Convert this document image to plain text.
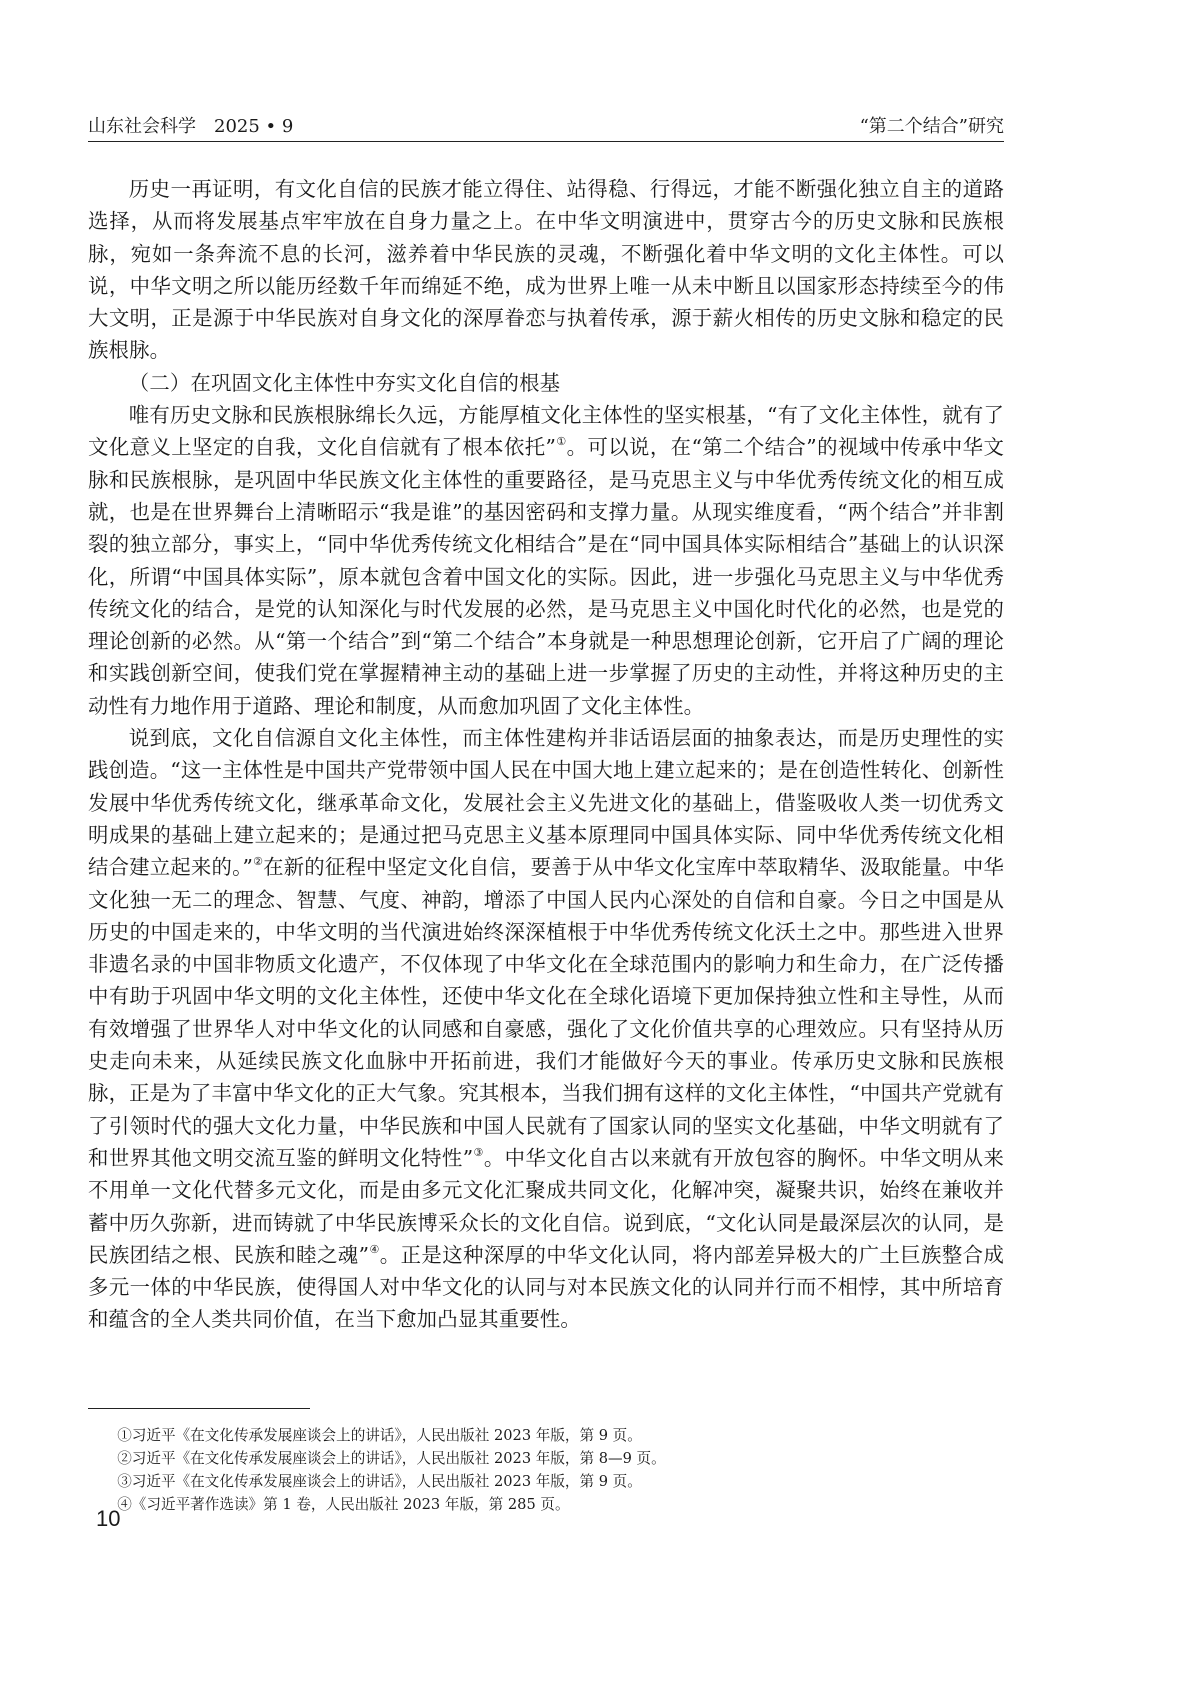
山东社会科学　2025 • 9	“第二个结合”研究

历史一再证明，有文化自信的民族才能立得住、站得稳、行得远，才能不断强化独立自主的道路选择，从而将发展基点牢牢放在自身力量之上。在中华文明演进中，贯穿古今的历史文脉和民族根脉，宛如一条奔流不息的长河，滋养着中华民族的灵魂，不断强化着中华文明的文化主体性。可以说，中华文明之所以能历经数千年而绵延不绝，成为世界上唯一从未中断且以国家形态持续至今的伟大文明，正是源于中华民族对自身文化的深厚眷恋与执着传承，源于薪火相传的历史文脉和稳定的民族根脉。

（二）在巩固文化主体性中夯实文化自信的根基

唯有历史文脉和民族根脉绵长久远，方能厚植文化主体性的坚实根基，“有了文化主体性，就有了文化意义上坚定的自我，文化自信就有了根本依托”①。可以说，在“第二个结合”的视域中传承中华文脉和民族根脉，是巩固中华民族文化主体性的重要路径，是马克思主义与中华优秀传统文化的相互成就，也是在世界舞台上清晰昭示“我是谁”的基因密码和支撑力量。从现实维度看，“两个结合”并非割裂的独立部分，事实上，“同中华优秀传统文化相结合”是在“同中国具体实际相结合”基础上的认识深化，所谓“中国具体实际”，原本就包含着中国文化的实际。因此，进一步强化马克思主义与中华优秀传统文化的结合，是党的认知深化与时代发展的必然，是马克思主义中国化时代化的必然，也是党的理论创新的必然。从“第一个结合”到“第二个结合”本身就是一种思想理论创新，它开启了广阔的理论和实践创新空间，使我们党在掌握精神主动的基础上进一步掌握了历史的主动性，并将这种历史的主动性有力地作用于道路、理论和制度，从而愈加巩固了文化主体性。

说到底，文化自信源自文化主体性，而主体性建构并非话语层面的抽象表达，而是历史理性的实践创造。“这一主体性是中国共产党带领中国人民在中国大地上建立起来的；是在创造性转化、创新性发展中华优秀传统文化，继承革命文化，发展社会主义先进文化的基础上，借鉴吸收人类一切优秀文明成果的基础上建立起来的；是通过把马克思主义基本原理同中国具体实际、同中华优秀传统文化相结合建立起来的。”②在新的征程中坚定文化自信，要善于从中华文化宝库中萃取精华、汲取能量。中华文化独一无二的理念、智慧、气度、神韵，增添了中国人民内心深处的自信和自豪。今日之中国是从历史的中国走来的，中华文明的当代演进始终深深植根于中华优秀传统文化沃土之中。那些进入世界非遗名录的中国非物质文化遗产，不仅体现了中华文化在全球范围内的影响力和生命力，在广泛传播中有助于巩固中华文明的文化主体性，还使中华文化在全球化语境下更加保持独立性和主导性，从而有效增强了世界华人对中华文化的认同感和自豪感，强化了文化价值共享的心理效应。只有坚持从历史走向未来，从延续民族文化血脉中开拓前进，我们才能做好今天的事业。传承历史文脉和民族根脉，正是为了丰富中华文化的正大气象。究其根本，当我们拥有这样的文化主体性，“中国共产党就有了引领时代的强大文化力量，中华民族和中国人民就有了国家认同的坚实文化基础，中华文明就有了和世界其他文明交流互鉴的鲜明文化特性”③。中华文化自古以来就有开放包容的胸怀。中华文明从来不用单一文化代替多元文化，而是由多元文化汇聚成共同文化，化解冲突，凝聚共识，始终在兼收并蓄中历久弥新，进而铸就了中华民族博采众长的文化自信。说到底，“文化认同是最深层次的认同，是民族团结之根、民族和睦之魂”④。正是这种深厚的中华文化认同，将内部差异极大的广土巨族整合成多元一体的中华民族，使得国人对中华文化的认同与对本民族文化的认同并行而不相悖，其中所培育和蕴含的全人类共同价值，在当下愈加凸显其重要性。

①习近平《在文化传承发展座谈会上的讲话》，人民出版社 2023 年版，第 9 页。

②习近平《在文化传承发展座谈会上的讲话》，人民出版社 2023 年版，第 8—9 页。

③习近平《在文化传承发展座谈会上的讲话》，人民出版社 2023 年版，第 9 页。

④《习近平著作选读》第 1 卷，人民出版社 2023 年版，第 285 页。

10
